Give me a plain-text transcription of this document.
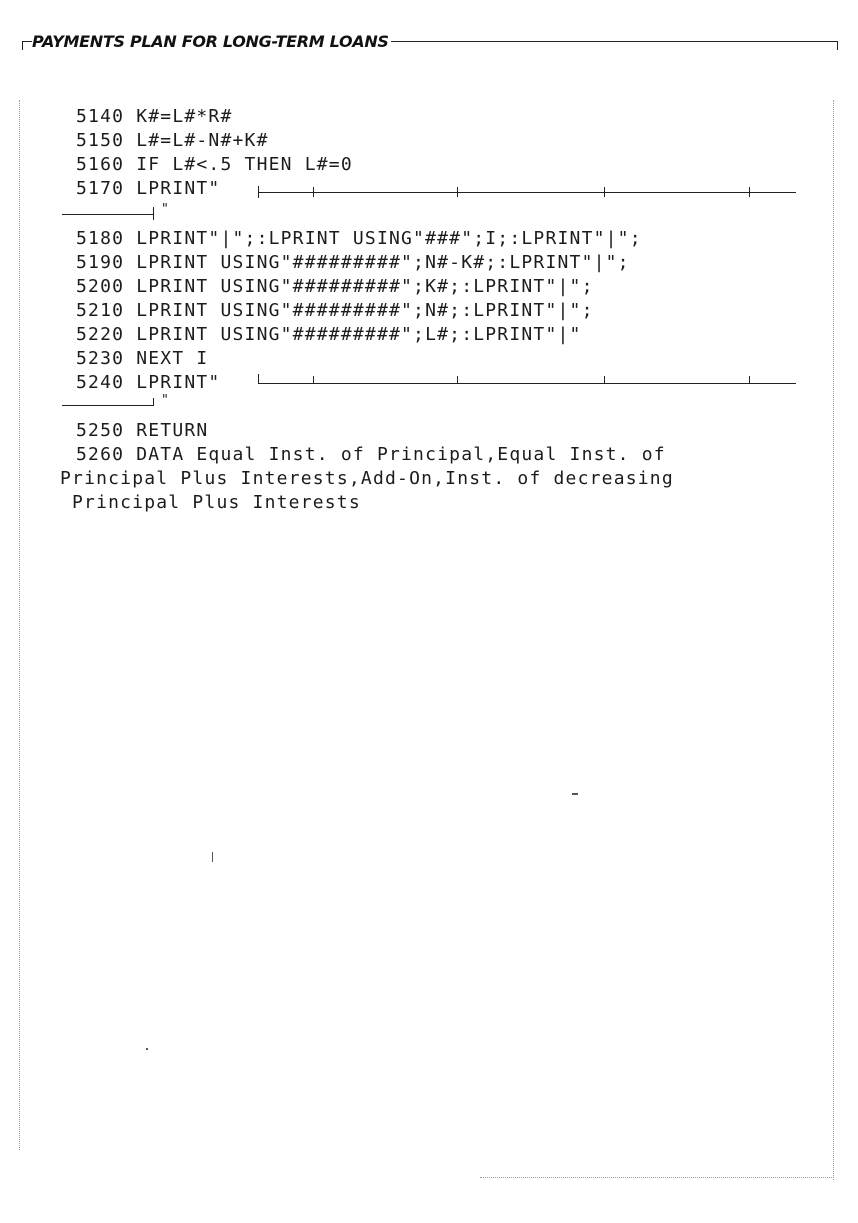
PAYMENTS PLAN FOR LONG-TERM LOANS
5140 K#=L#*R#
5150 L#=L#-N#+K#
5160 IF L#<.5 THEN L#=0
5170 LPRINT"
"
5180 LPRINT"|";:LPRINT USING"###";I;:LPRINT"|";
5190 LPRINT USING"#########";N#-K#;:LPRINT"|";
5200 LPRINT USING"#########";K#;:LPRINT"|";
5210 LPRINT USING"#########";N#;:LPRINT"|";
5220 LPRINT USING"#########";L#;:LPRINT"|"
5230 NEXT I
5240 LPRINT"
"
5250 RETURN
5260 DATA Equal Inst. of Principal,Equal Inst. of
Principal Plus Interests,Add-On,Inst. of decreasing
Principal Plus Interests
